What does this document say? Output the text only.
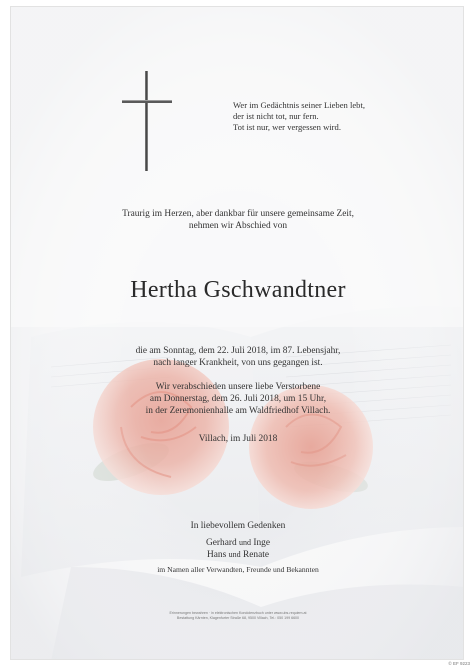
Wer im Gedächtnis seiner Lieben lebt,
der ist nicht tot, nur fern.
Tot ist nur, wer vergessen wird.
Traurig im Herzen, aber dankbar für unsere gemeinsame Zeit,
nehmen wir Abschied von
Hertha Gschwandtner
die am Sonntag, dem 22. Juli 2018, im 87. Lebensjahr,
nach langer Krankheit, von uns gegangen ist.
Wir verabschieden unsere liebe Verstorbene
am Donnerstag, dem 26. Juli 2018, um 15 Uhr,
in der Zeremonienhalle am Waldfriedhof Villach.
Villach, im Juli 2018
In liebevollem Gedenken
Gerhard und Inge
Hans und Renate
im Namen aller Verwandten, Freunde und Bekannten
Erinnerungen bewahren · in elektronischen Kondolenzbuch unter www.ubs-requiem.at
Bestattung Kärnten, Klagenfurter Straße 68, 9500 Villach, Tel.: 050 199 6600
© EF 9223
